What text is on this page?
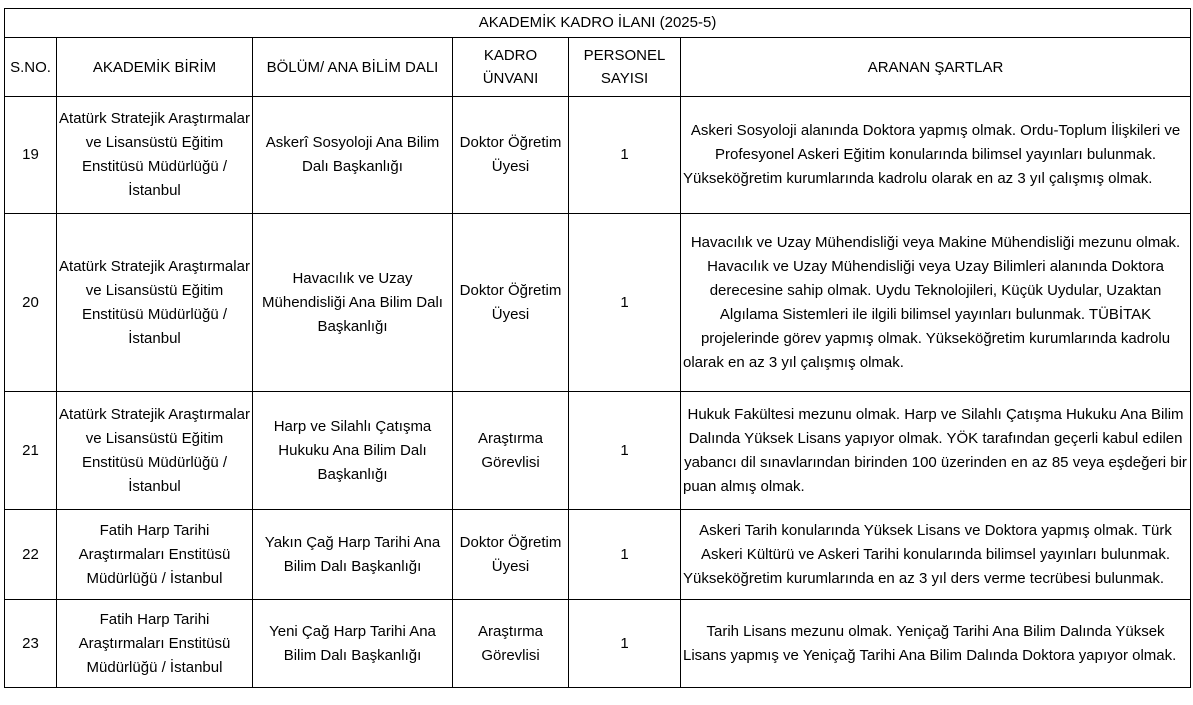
AKADEMİK KADRO İLANI (2025-5)					
S.NO.	AKADEMİK BİRİM	BÖLÜM/ ANA BİLİM DALI	KADRO ÜNVANI	PERSONEL SAYISI	ARANAN ŞARTLAR
19	Atatürk Stratejik Araştırmalar ve Lisansüstü Eğitim Enstitüsü Müdürlüğü / İstanbul	Askerî Sosyoloji Ana Bilim Dalı Başkanlığı	Doktor Öğretim Üyesi	1	Askeri Sosyoloji alanında Doktora yapmış olmak. Ordu-Toplum İlişkileri ve Profesyonel Askeri Eğitim konularında bilimsel yayınları bulunmak. Yükseköğretim kurumlarında kadrolu olarak en az 3 yıl çalışmış olmak.
20	Atatürk Stratejik Araştırmalar ve Lisansüstü Eğitim Enstitüsü Müdürlüğü / İstanbul	Havacılık ve Uzay Mühendisliği Ana Bilim Dalı Başkanlığı	Doktor Öğretim Üyesi	1	Havacılık ve Uzay Mühendisliği veya Makine Mühendisliği mezunu olmak. Havacılık ve Uzay Mühendisliği veya Uzay Bilimleri alanında Doktora derecesine sahip olmak. Uydu Teknolojileri, Küçük Uydular, Uzaktan Algılama Sistemleri ile ilgili bilimsel yayınları bulunmak. TÜBİTAK projelerinde görev yapmış olmak. Yükseköğretim kurumlarında kadrolu olarak en az 3 yıl çalışmış olmak.
21	Atatürk Stratejik Araştırmalar ve Lisansüstü Eğitim Enstitüsü Müdürlüğü / İstanbul	Harp ve Silahlı Çatışma Hukuku Ana Bilim Dalı Başkanlığı	Araştırma Görevlisi	1	Hukuk Fakültesi mezunu olmak. Harp ve Silahlı Çatışma Hukuku Ana Bilim Dalında Yüksek Lisans yapıyor olmak. YÖK tarafından geçerli kabul edilen yabancı dil sınavlarından birinden 100 üzerinden en az 85 veya eşdeğeri bir puan almış olmak.
22	Fatih Harp Tarihi Araştırmaları Enstitüsü Müdürlüğü / İstanbul	Yakın Çağ Harp Tarihi Ana Bilim Dalı Başkanlığı	Doktor Öğretim Üyesi	1	Askeri Tarih konularında Yüksek Lisans ve Doktora yapmış olmak. Türk Askeri Kültürü ve Askeri Tarihi konularında bilimsel yayınları bulunmak. Yükseköğretim kurumlarında en az 3 yıl ders verme tecrübesi bulunmak.
23	Fatih Harp Tarihi Araştırmaları Enstitüsü Müdürlüğü / İstanbul	Yeni Çağ Harp Tarihi Ana Bilim Dalı Başkanlığı	Araştırma Görevlisi	1	Tarih Lisans mezunu olmak. Yeniçağ Tarihi Ana Bilim Dalında Yüksek Lisans yapmış ve Yeniçağ Tarihi Ana Bilim Dalında Doktora yapıyor olmak.
